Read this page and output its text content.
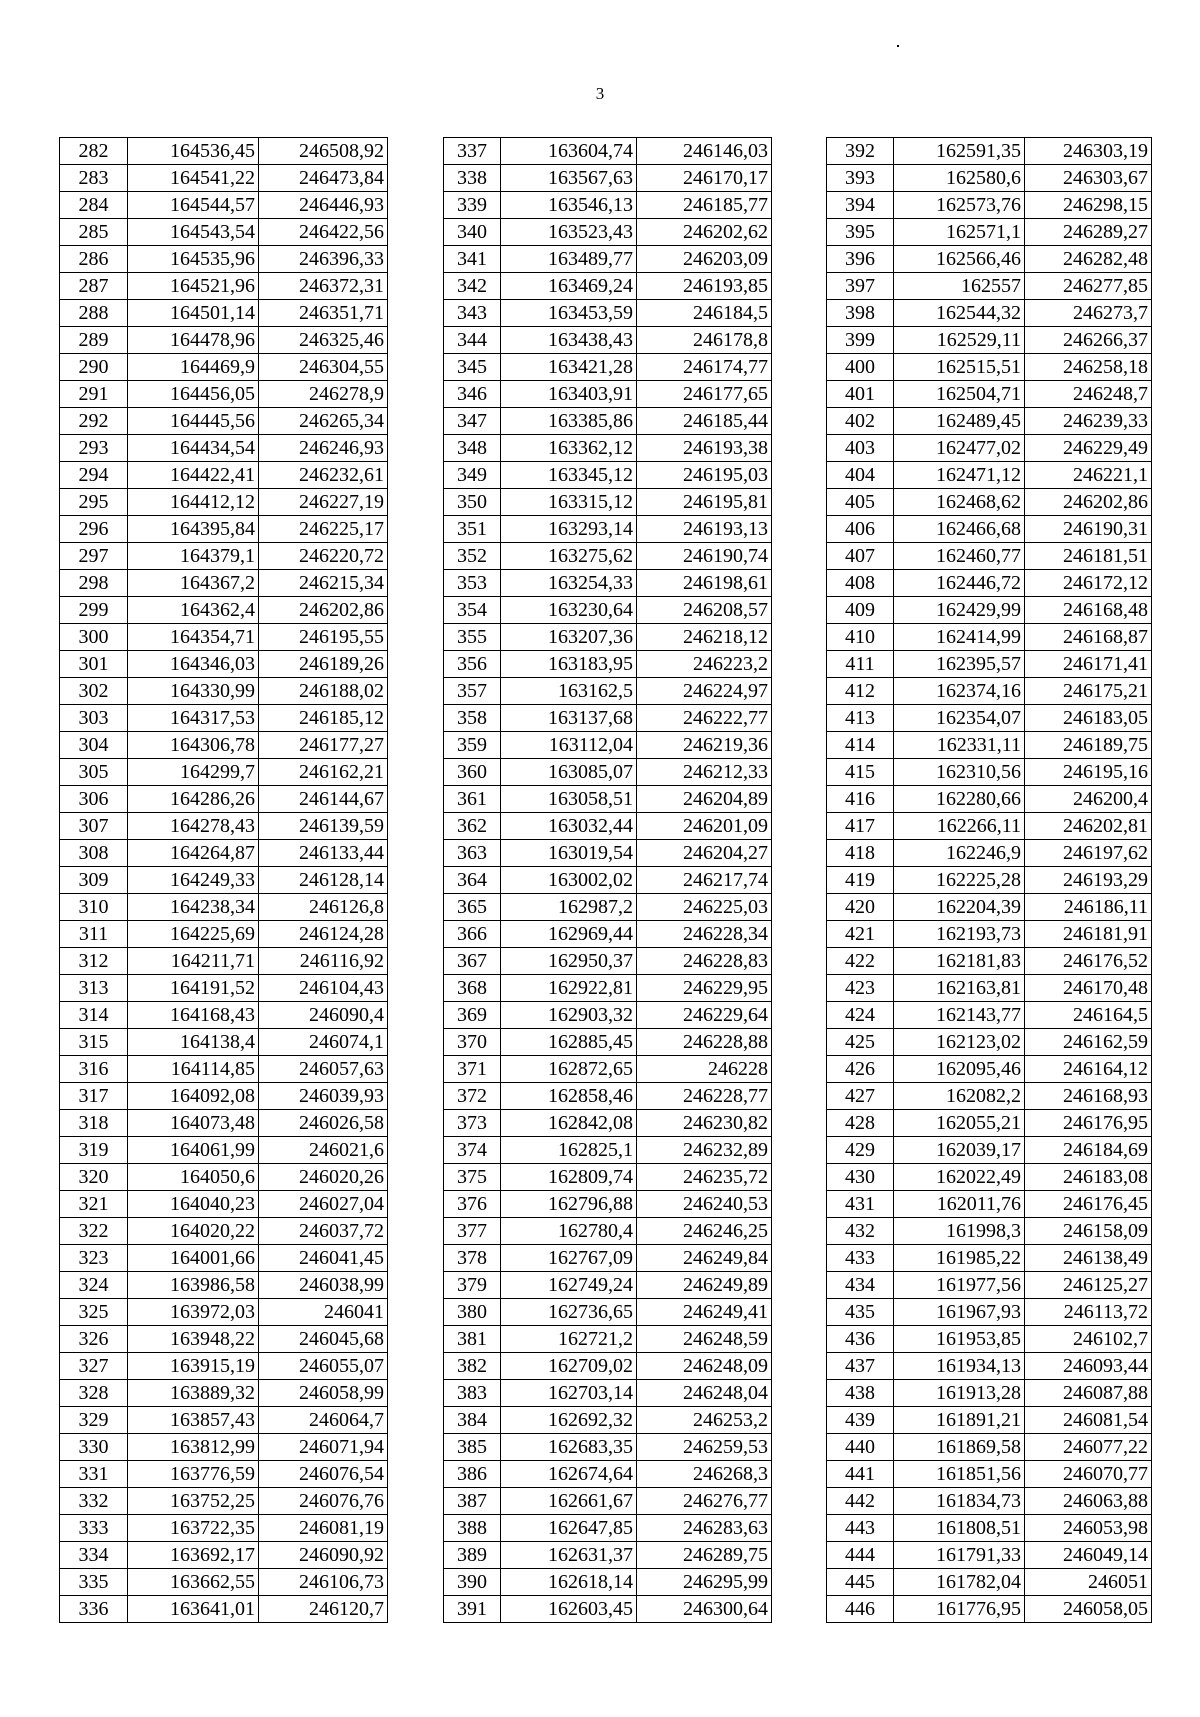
3
282	164536,45	246508,92
283	164541,22	246473,84
284	164544,57	246446,93
285	164543,54	246422,56
286	164535,96	246396,33
287	164521,96	246372,31
288	164501,14	246351,71
289	164478,96	246325,46
290	164469,9	246304,55
291	164456,05	246278,9
292	164445,56	246265,34
293	164434,54	246246,93
294	164422,41	246232,61
295	164412,12	246227,19
296	164395,84	246225,17
297	164379,1	246220,72
298	164367,2	246215,34
299	164362,4	246202,86
300	164354,71	246195,55
301	164346,03	246189,26
302	164330,99	246188,02
303	164317,53	246185,12
304	164306,78	246177,27
305	164299,7	246162,21
306	164286,26	246144,67
307	164278,43	246139,59
308	164264,87	246133,44
309	164249,33	246128,14
310	164238,34	246126,8
311	164225,69	246124,28
312	164211,71	246116,92
313	164191,52	246104,43
314	164168,43	246090,4
315	164138,4	246074,1
316	164114,85	246057,63
317	164092,08	246039,93
318	164073,48	246026,58
319	164061,99	246021,6
320	164050,6	246020,26
321	164040,23	246027,04
322	164020,22	246037,72
323	164001,66	246041,45
324	163986,58	246038,99
325	163972,03	246041
326	163948,22	246045,68
327	163915,19	246055,07
328	163889,32	246058,99
329	163857,43	246064,7
330	163812,99	246071,94
331	163776,59	246076,54
332	163752,25	246076,76
333	163722,35	246081,19
334	163692,17	246090,92
335	163662,55	246106,73
336	163641,01	246120,7
337	163604,74	246146,03
338	163567,63	246170,17
339	163546,13	246185,77
340	163523,43	246202,62
341	163489,77	246203,09
342	163469,24	246193,85
343	163453,59	246184,5
344	163438,43	246178,8
345	163421,28	246174,77
346	163403,91	246177,65
347	163385,86	246185,44
348	163362,12	246193,38
349	163345,12	246195,03
350	163315,12	246195,81
351	163293,14	246193,13
352	163275,62	246190,74
353	163254,33	246198,61
354	163230,64	246208,57
355	163207,36	246218,12
356	163183,95	246223,2
357	163162,5	246224,97
358	163137,68	246222,77
359	163112,04	246219,36
360	163085,07	246212,33
361	163058,51	246204,89
362	163032,44	246201,09
363	163019,54	246204,27
364	163002,02	246217,74
365	162987,2	246225,03
366	162969,44	246228,34
367	162950,37	246228,83
368	162922,81	246229,95
369	162903,32	246229,64
370	162885,45	246228,88
371	162872,65	246228
372	162858,46	246228,77
373	162842,08	246230,82
374	162825,1	246232,89
375	162809,74	246235,72
376	162796,88	246240,53
377	162780,4	246246,25
378	162767,09	246249,84
379	162749,24	246249,89
380	162736,65	246249,41
381	162721,2	246248,59
382	162709,02	246248,09
383	162703,14	246248,04
384	162692,32	246253,2
385	162683,35	246259,53
386	162674,64	246268,3
387	162661,67	246276,77
388	162647,85	246283,63
389	162631,37	246289,75
390	162618,14	246295,99
391	162603,45	246300,64
392	162591,35	246303,19
393	162580,6	246303,67
394	162573,76	246298,15
395	162571,1	246289,27
396	162566,46	246282,48
397	162557	246277,85
398	162544,32	246273,7
399	162529,11	246266,37
400	162515,51	246258,18
401	162504,71	246248,7
402	162489,45	246239,33
403	162477,02	246229,49
404	162471,12	246221,1
405	162468,62	246202,86
406	162466,68	246190,31
407	162460,77	246181,51
408	162446,72	246172,12
409	162429,99	246168,48
410	162414,99	246168,87
411	162395,57	246171,41
412	162374,16	246175,21
413	162354,07	246183,05
414	162331,11	246189,75
415	162310,56	246195,16
416	162280,66	246200,4
417	162266,11	246202,81
418	162246,9	246197,62
419	162225,28	246193,29
420	162204,39	246186,11
421	162193,73	246181,91
422	162181,83	246176,52
423	162163,81	246170,48
424	162143,77	246164,5
425	162123,02	246162,59
426	162095,46	246164,12
427	162082,2	246168,93
428	162055,21	246176,95
429	162039,17	246184,69
430	162022,49	246183,08
431	162011,76	246176,45
432	161998,3	246158,09
433	161985,22	246138,49
434	161977,56	246125,27
435	161967,93	246113,72
436	161953,85	246102,7
437	161934,13	246093,44
438	161913,28	246087,88
439	161891,21	246081,54
440	161869,58	246077,22
441	161851,56	246070,77
442	161834,73	246063,88
443	161808,51	246053,98
444	161791,33	246049,14
445	161782,04	246051
446	161776,95	246058,05
